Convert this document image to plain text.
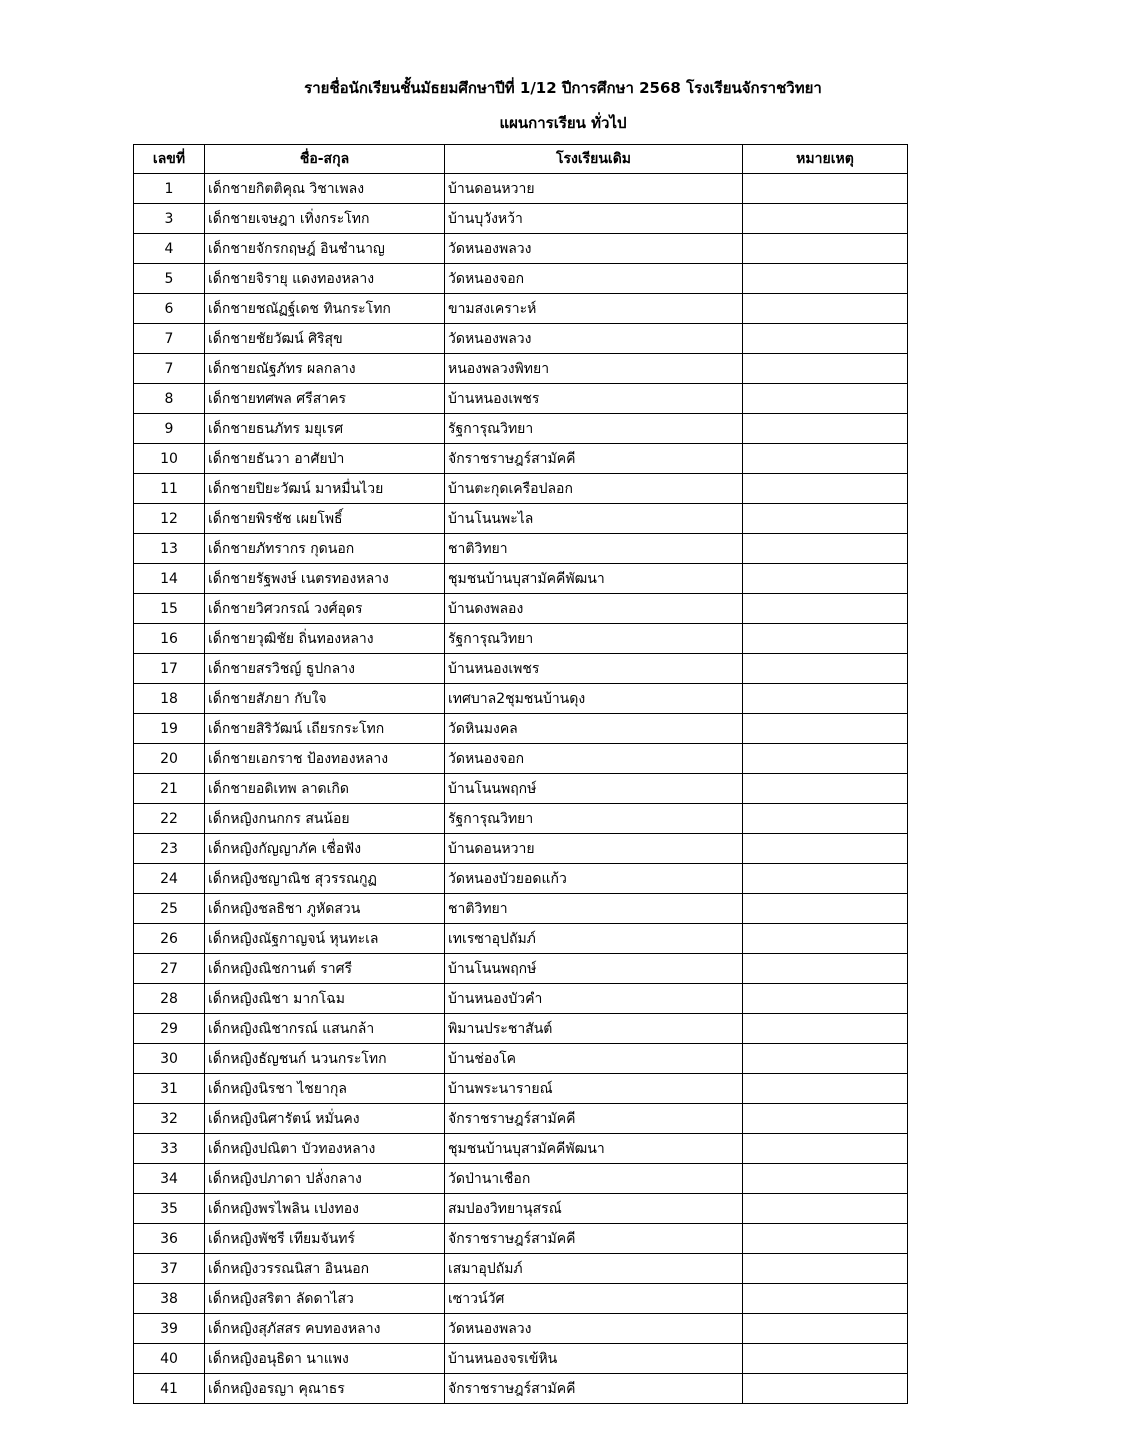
รายชื่อนักเรียนชั้นมัธยมศึกษาปีที่ 1/12 ปีการศึกษา 2568 โรงเรียนจักราชวิทยา
แผนการเรียน ทั่วไป
เลขที่	ชื่อ-สกุล	โรงเรียนเดิม	หมายเหตุ
1	เด็กชายกิตติคุณ วิชาเพลง	บ้านดอนหวาย	
3	เด็กชายเจษฎา เทิ่งกระโทก	บ้านบุวังหว้า	
4	เด็กชายจักรกฤษฎ์ อินชำนาญ	วัดหนองพลวง	
5	เด็กชายจิรายุ แดงทองหลาง	วัดหนองจอก	
6	เด็กชายชณัฏฐ์เดช ทินกระโทก	ขามสงเคราะห์	
7	เด็กชายชัยวัฒน์ ศิริสุข	วัดหนองพลวง	
7	เด็กชายณัฐภัทร ผลกลาง	หนองพลวงพิทยา	
8	เด็กชายทศพล ศรีสาคร	บ้านหนองเพชร	
9	เด็กชายธนภัทร มยุเรศ	รัฐการุณวิทยา	
10	เด็กชายธันวา อาศัยป่า	จักราชราษฎร์สามัคคี	
11	เด็กชายปิยะวัฒน์ มาหมื่นไวย	บ้านตะกุดเครือปลอก	
12	เด็กชายพิรชัช เผยโพธิ์	บ้านโนนพะไล	
13	เด็กชายภัทรากร กุดนอก	ชาติวิทยา	
14	เด็กชายรัฐพงษ์ เนตรทองหลาง	ชุมชนบ้านบุสามัคคีพัฒนา	
15	เด็กชายวิศวกรณ์ วงศ์อุดร	บ้านดงพลอง	
16	เด็กชายวุฒิชัย ถิ่นทองหลาง	รัฐการุณวิทยา	
17	เด็กชายสรวิชญ์ ธูปกลาง	บ้านหนองเพชร	
18	เด็กชายสัภยา กับใจ	เทศบาล2ชุมชนบ้านดุง	
19	เด็กชายสิริวัฒน์ เถียรกระโทก	วัดหินมงคล	
20	เด็กชายเอกราช ป้องทองหลาง	วัดหนองจอก	
21	เด็กชายอดิเทพ ลาดเกิด	บ้านโนนพฤกษ์	
22	เด็กหญิงกนกกร สนน้อย	รัฐการุณวิทยา	
23	เด็กหญิงกัญญาภัค เชื่อฟัง	บ้านดอนหวาย	
24	เด็กหญิงชญาณิช สุวรรณกูฏ	วัดหนองบัวยอดแก้ว	
25	เด็กหญิงชลธิชา ภูหัดสวน	ชาติวิทยา	
26	เด็กหญิงณัฐกาญจน์ หุนทะเล	เทเรซาอุปถัมภ์	
27	เด็กหญิงณิชกานต์ ราศรี	บ้านโนนพฤกษ์	
28	เด็กหญิงณิชา มากโฉม	บ้านหนองบัวคำ	
29	เด็กหญิงณิชากรณ์ แสนกล้า	พิมานประชาสันต์	
30	เด็กหญิงธัญชนก์ นวนกระโทก	บ้านช่องโค	
31	เด็กหญิงนิรชา ไชยากุล	บ้านพระนารายณ์	
32	เด็กหญิงนิศารัตน์ หมั่นคง	จักราชราษฎร์สามัคคี	
33	เด็กหญิงปณิตา บัวทองหลาง	ชุมชนบ้านบุสามัคคีพัฒนา	
34	เด็กหญิงปภาดา ปลั่งกลาง	วัดป่านาเชือก	
35	เด็กหญิงพรไพลิน เปงทอง	สมปองวิทยานุสรณ์	
36	เด็กหญิงพัชรี เทียมจันทร์	จักราชราษฎร์สามัคคี	
37	เด็กหญิงวรรณนิสา อินนอก	เสมาอุปถัมภ์	
38	เด็กหญิงสริตา ลัดดาไสว	เซาวน์วัศ	
39	เด็กหญิงสุภัสสร คบทองหลาง	วัดหนองพลวง	
40	เด็กหญิงอนุธิดา นาแพง	บ้านหนองจรเข้หิน	
41	เด็กหญิงอรญา คุณาธร	จักราชราษฎร์สามัคคี	
